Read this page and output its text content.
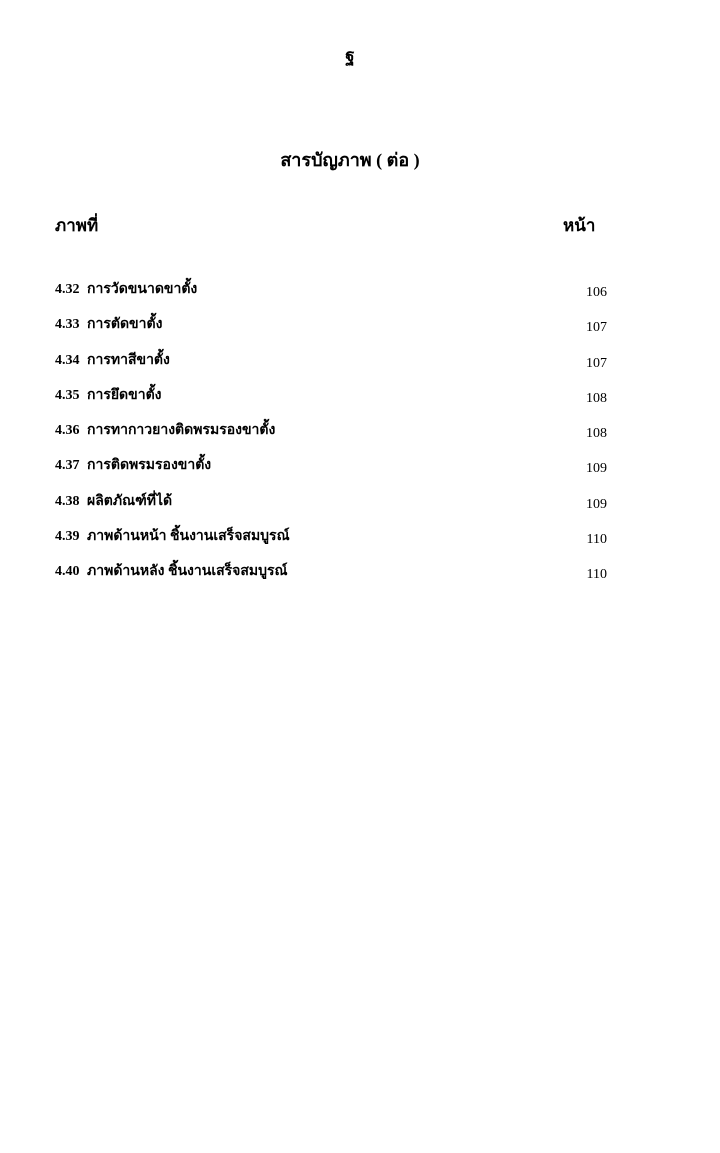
ฐ
สารบัญภาพ ( ต่อ )
ภาพที่	หน้า
4.32 การวัดขนาดขาตั้ง	106
4.33 การตัดขาตั้ง	107
4.34 การทาสีขาตั้ง	107
4.35 การยึดขาตั้ง	108
4.36 การทากาวยางติดพรมรองขาตั้ง	108
4.37 การติดพรมรองขาตั้ง	109
4.38 ผลิตภัณฑ์ที่ได้	109
4.39 ภาพด้านหน้า ชิ้นงานเสร็จสมบูรณ์	110
4.40 ภาพด้านหลัง ชิ้นงานเสร็จสมบูรณ์	110
